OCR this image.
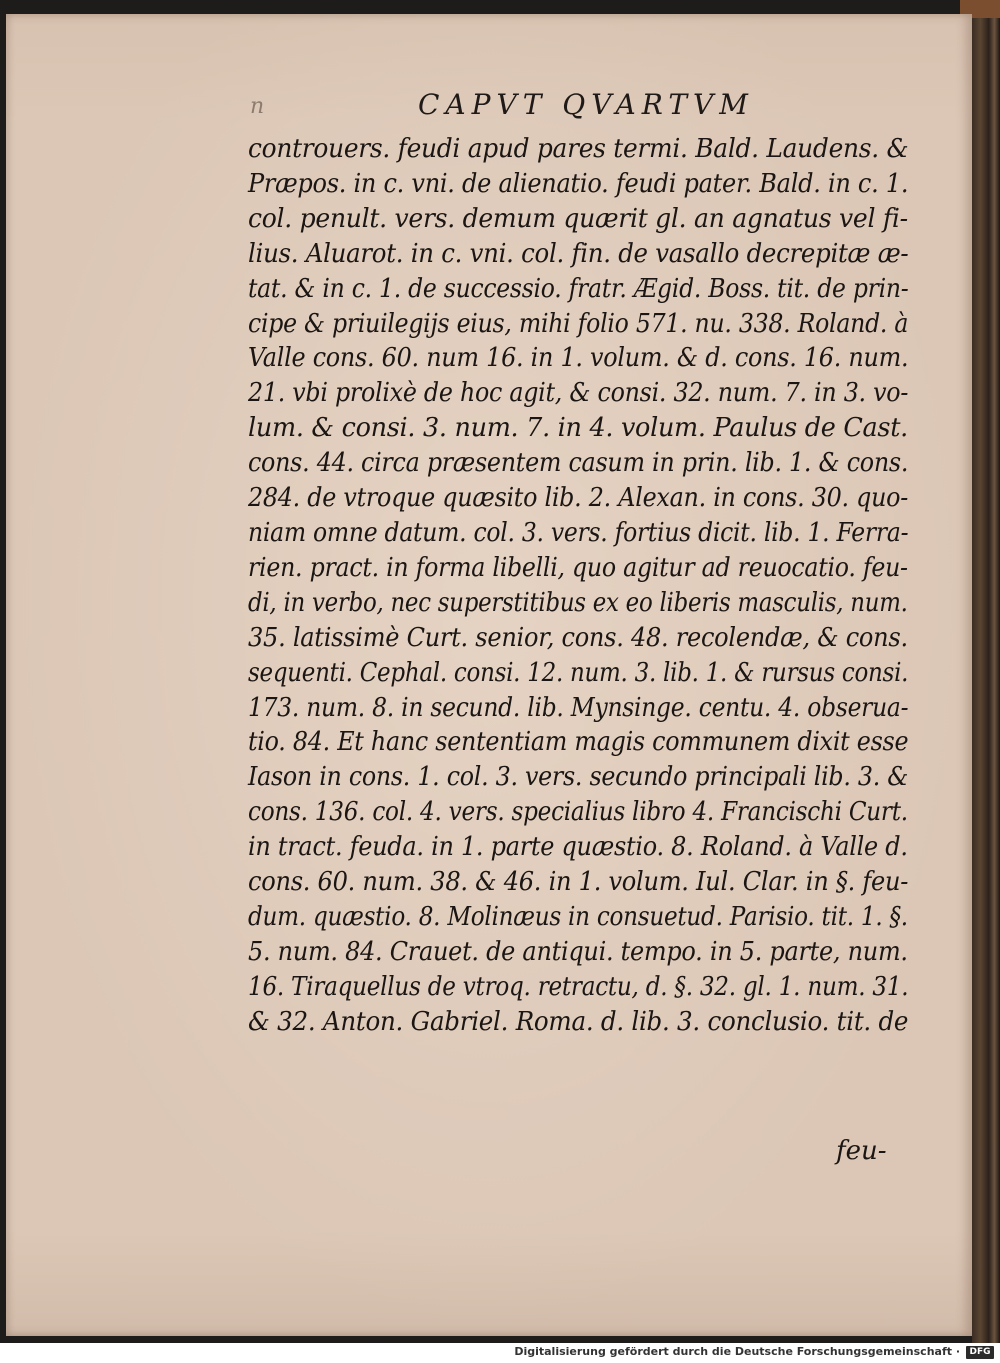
n	CAPVT QVARTVM
controuers. feudi apud pares termi. Bald. Laudens. &
Præpos. in c. vni. de alienatio. feudi pater. Bald. in c. 1.
col. penult. vers. demum quærit gl. an agnatus vel fi-
lius. Aluarot. in c. vni. col. fin. de vasallo decrepitæ æ-
tat. & in c. 1. de successio. fratr. Ægid. Boss. tit. de prin-
cipe & priuilegijs eius, mihi folio 571. nu. 338. Roland. à
Valle cons. 60. num 16. in 1. volum. & d. cons. 16. num.
21. vbi prolixè de hoc agit, & consi. 32. num. 7. in 3. vo-
lum. & consi. 3. num. 7. in 4. volum. Paulus de Cast.
cons. 44. circa præsentem casum in prin. lib. 1. & cons.
284. de vtroque quæsito lib. 2. Alexan. in cons. 30. quo-
niam omne datum. col. 3. vers. fortius dicit. lib. 1. Ferra-
rien. pract. in forma libelli, quo agitur ad reuocatio. feu-
di, in verbo, nec superstitibus ex eo liberis masculis, num.
35. latissimè Curt. senior, cons. 48. recolendæ, & cons.
sequenti. Cephal. consi. 12. num. 3. lib. 1. & rursus consi.
173. num. 8. in secund. lib. Mynsinge. centu. 4. obserua-
tio. 84. Et hanc sententiam magis communem dixit esse
Iason in cons. 1. col. 3. vers. secundo principali lib. 3. &
cons. 136. col. 4. vers. specialius libro 4. Francischi Curt.
in tract. feuda. in 1. parte quæstio. 8. Roland. à Valle d.
cons. 60. num. 38. & 46. in 1. volum. Iul. Clar. in §. feu-
dum. quæstio. 8. Molinæus in consuetud. Parisio. tit. 1. §.
5. num. 84. Crauet. de antiqui. tempo. in 5. parte, num.
16. Tiraquellus de vtroq. retractu, d. §. 32. gl. 1. num. 31.
& 32. Anton. Gabriel. Roma. d. lib. 3. conclusio. tit. de
feu-
Digitalisierung gefördert durch die Deutsche Forschungsgemeinschaft ·	DFG
